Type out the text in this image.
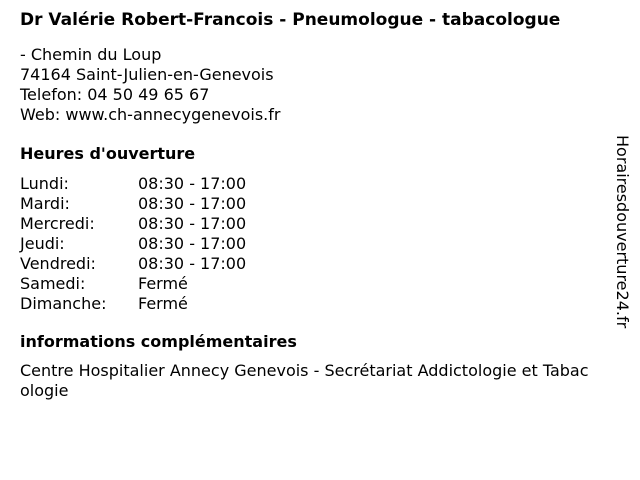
Dr Valérie Robert-Francois - Pneumologue - tabacologue
- Chemin du Loup
74164 Saint-Julien-en-Genevois
Telefon: 04 50 49 65 67
Web: www.ch-annecygenevois.fr
Heures d'ouverture
Lundi:	08:30 - 17:00
Mardi:	08:30 - 17:00
Mercredi:	08:30 - 17:00
Jeudi:	08:30 - 17:00
Vendredi:	08:30 - 17:00
Samedi:	Fermé
Dimanche:	Fermé
informations complémentaires
Centre Hospitalier Annecy Genevois - Secrétariat Addictologie et Tabacologie
Horairesdouverture24.fr
